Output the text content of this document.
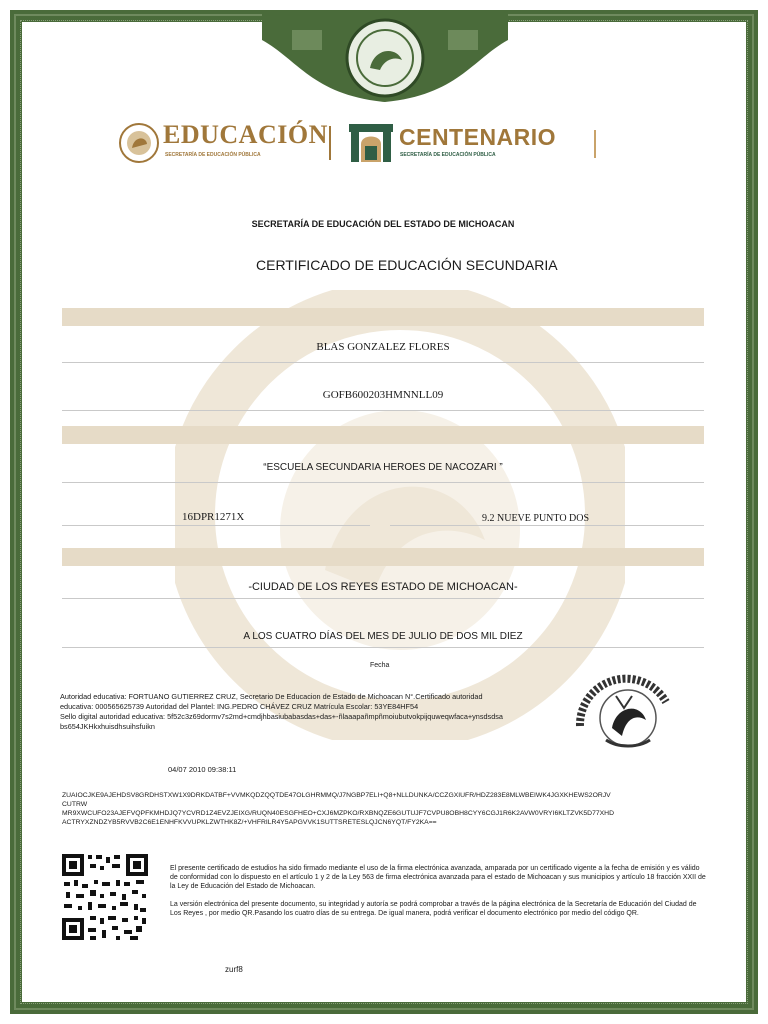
EDUCACIÓN
SECRETARÍA DE EDUCACIÓN PÚBLICA
CENTENARIO
SECRETARÍA DE EDUCACIÓN PÚBLICA
SECRETARÍA DE EDUCACIÓN DEL ESTADO DE MICHOACAN
CERTIFICADO DE EDUCACIÓN SECUNDARIA
BLAS GONZALEZ FLORES
GOFB600203HMNNLL09
“ESCUELA SECUNDARIA HEROES DE NACOZARI ”
16DPR1271X	9.2 NUEVE PUNTO DOS
-CIUDAD DE LOS REYES ESTADO DE MICHOACAN-
A LOS CUATRO DÍAS DEL MES DE JULIO DE DOS MIL DIEZ
Fecha
Autoridad educativa: FORTUANO GUTIERREZ CRUZ, Secretario De Educacion de Estado de Michoacan N°.Certificado autoridad
educativa: 000565625739 Autoridad del Plantel: ING.PEDRO CHÁVEZ CRUZ Matrícula Escolar: 53YE84HF54
Sello digital autoridad educativa: 5f52c3z69dormv7s2md+cmdjhbasiubabasdas+das+-ñlaaapañmpñmoiubutvokpijquweqwfaca+ynsdsdsa
bs654JKHkxhuisdhsuihsfuikn
04/07 2010 09:38:11
ZUAIOCJKE9AJEHDSV8GRDHSTXW1X9DRKDATBF+VVMKQDZQQTDE47OLGHRMMQ/J7NGBP7ELI+Q8+NLLDUNKA/CCZGXIUFR/HDZ283E8MLWBEIWK4JGXKHEWS2ORJV
CUTRW
MR9XWCUFO23AJEFVQPFKMHDJQ7YCVRD1Z4EVZJEIXG/RUQN40ESGFHEO+CXJ6MZPKO/RXBNQZE6GUTUJF7CVPU8OBH8CYY6CGJ1R6K2AVW0VRYI6KLTZVK5D77XHD
ACTRYXZNDZYB5RVVB2C6E1ENHFKVVUPKLZWTHK8Z/+VHFRILR4Y5APGVVK1SUTTSRETESLQJCN6YQT/FY2KA==
El presente certificado de estudios ha sido firmado mediante el uso de la firma electrónica avanzada, amparada por un certificado vigente a la fecha de emisión y es válido de conformidad con lo dispuesto en el artículo 1 y 2 de la Ley 563 de firma electrónica avanzada para el estado de Michoacan y sus municipios y artículo 18 fracción XXII de la Ley de Educación del Estado de Michoacan.
La versión electrónica del presente documento, su integridad y autoría se podrá comprobar a través de la página electrónica de la Secretaría de Educación del Ciudad de Los Reyes , por medio QR.Pasando los cuatro días de su entrega. De igual manera, podrá verificar el documento electrónico por medio del código QR.
zurf8
